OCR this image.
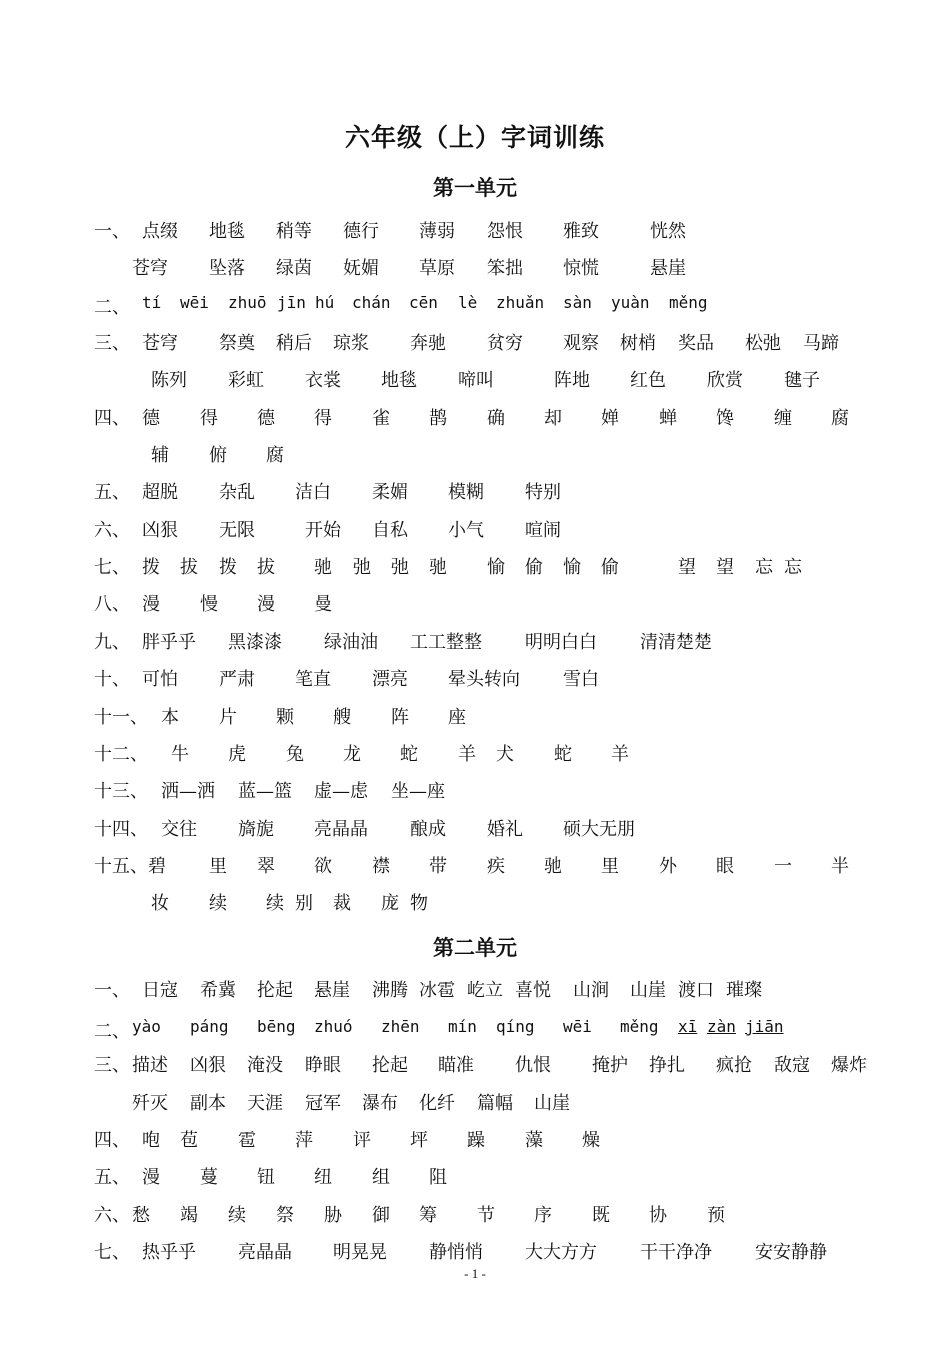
六年级（上）字词训练
第一单元
一、 点缀 地毯 稍等 德行 薄弱 怨恨 雅致	恍然
苍穹 坠落 绿茵 妩媚 草原 笨拙 惊慌	悬崖
二、 tí wēi zhuō jīn hú chán cēn lè zhuǎn sàn yuàn měng
三、 苍穹 祭奠 稍后 琼浆 奔驰 贫穷 观察 树梢 奖品 松弛 马蹄
陈列 彩虹 衣裳 地毯 啼叫	阵地 红色 欣赏 毽子
四、 德 得 德 得 雀 鹊 确 却 婵 蝉 馋 缠 腐
辅 俯 腐
五、 超脱 杂乱 洁白 柔媚 模糊 特别
六、 凶狠 无限	开始 自私 小气 喧闹
七、 拨 拔 拨 拔 驰 弛 弛 驰 愉 偷 愉 偷	望 望 忘 忘
八、 漫 慢 漫 曼
九、 胖乎乎 黑漆漆 绿油油 工工整整 明明白白 清清楚楚
十、 可怕 严肃 笔直 漂亮 晕头转向 雪白
十一、 本 片 颗 艘 阵 座
十二、 牛 虎 兔 龙 蛇 羊 犬 蛇 羊
十三、 洒—洒 蓝—篮 虚—虑 坐—座
十四、 交往 旖旎 亮晶晶 酿成 婚礼 硕大无朋
十五、碧 里 翠 欲 襟 带 疾 驰 里 外 眼 一 半
妆 续 续 别 裁 庞 物
第二单元
一、 日寇 希冀 抡起 悬崖 沸腾 冰雹 屹立 喜悦 山涧 山崖 渡口 璀璨
二、 yào páng bēng zhuó zhēn mín qíng wēi měng xī zàn jiān
三、 描述 凶狠 淹没 睁眼 抡起 瞄准 仇恨 掩护 挣扎 疯抢 敌寇 爆炸
歼灭 副本 天涯 冠军 瀑布 化纤 篇幅 山崖
四、 咆 苞 雹 萍 评 坪 躁 藻 燥
五、 漫 蔓 钮 纽 组 阻
六、 愁 竭 续 祭 胁 御 筹 节 序 既 协 预
七、 热乎乎 亮晶晶 明晃晃 静悄悄 大大方方 干干净净 安安静静
- 1 -
